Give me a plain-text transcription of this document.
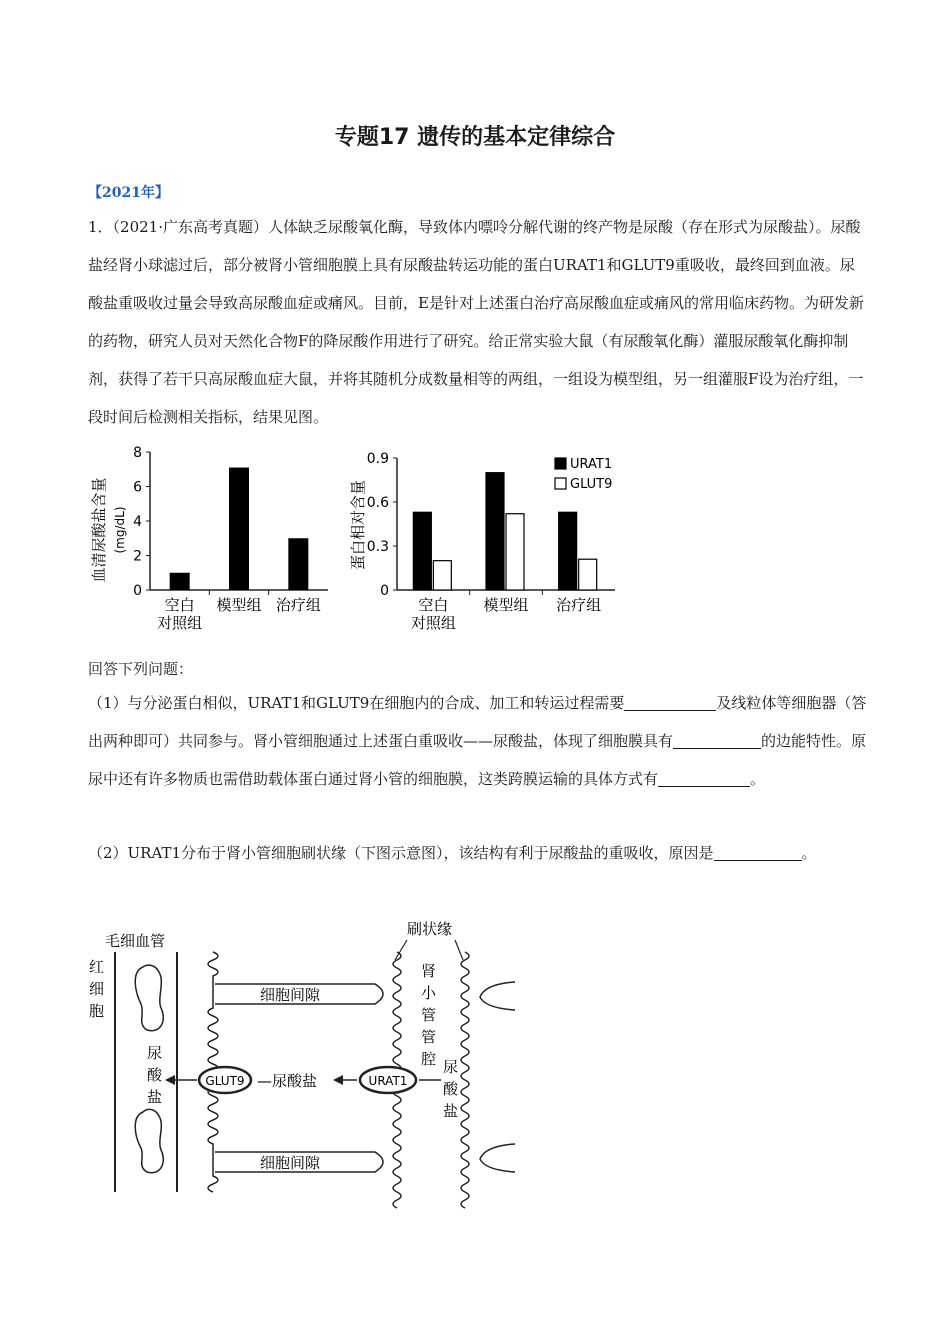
专题17 遗传的基本定律综合
【2021年】

1．（2021·广东高考真题）人体缺乏尿酸氧化酶，导致体内嘌呤分解代谢的终产物是尿酸（存在形式为尿酸盐）。尿酸盐经肾小球滤过后，部分被肾小管细胞膜上具有尿酸盐转运功能的蛋白URAT1和GLUT9重吸收，最终回到血液。尿酸盐重吸收过量会导致高尿酸血症或痛风。目前，E是针对上述蛋白治疗高尿酸血症或痛风的常用临床药物。为研发新的药物，研究人员对天然化合物F的降尿酸作用进行了研究。给正常实验大鼠（有尿酸氧化酶）灌服尿酸氧化酶抑制剂，获得了若干只高尿酸血症大鼠，并将其随机分成数量相等的两组，一组设为模型组，另一组灌服F设为治疗组，一段时间后检测相关指标，结果见图。

0
2
4
6
8
空白
对照组
模型组 治疗组
血清尿酸盐含量 (mg/dL)
0
0.3
0.6
0.9
空白
对照组
模型组 治疗组
蛋白相对含量
URAT1
GLUT9

回答下列问题：

（1）与分泌蛋白相似，URAT1和GLUT9在细胞内的合成、加工和转运过程需要	及线粒体等细胞器（答出两种即可）共同参与。肾小管细胞通过上述蛋白重吸收——尿酸盐，体现了细胞膜具有	的边能特性。原尿中还有许多物质也需借助载体蛋白通过肾小管的细胞膜，这类跨膜运输的具体方式有	。

（2）URAT1分布于肾小管细胞刷状缘（下图示意图），该结构有利于尿酸盐的重吸收，原因是	。

毛细血管
红 细 胞
尿 酸 盐
细胞间隙
细胞间隙
GLUT9 —尿酸盐	URAT1
刷状缘
肾 小 管 管 腔 尿 酸 盐
